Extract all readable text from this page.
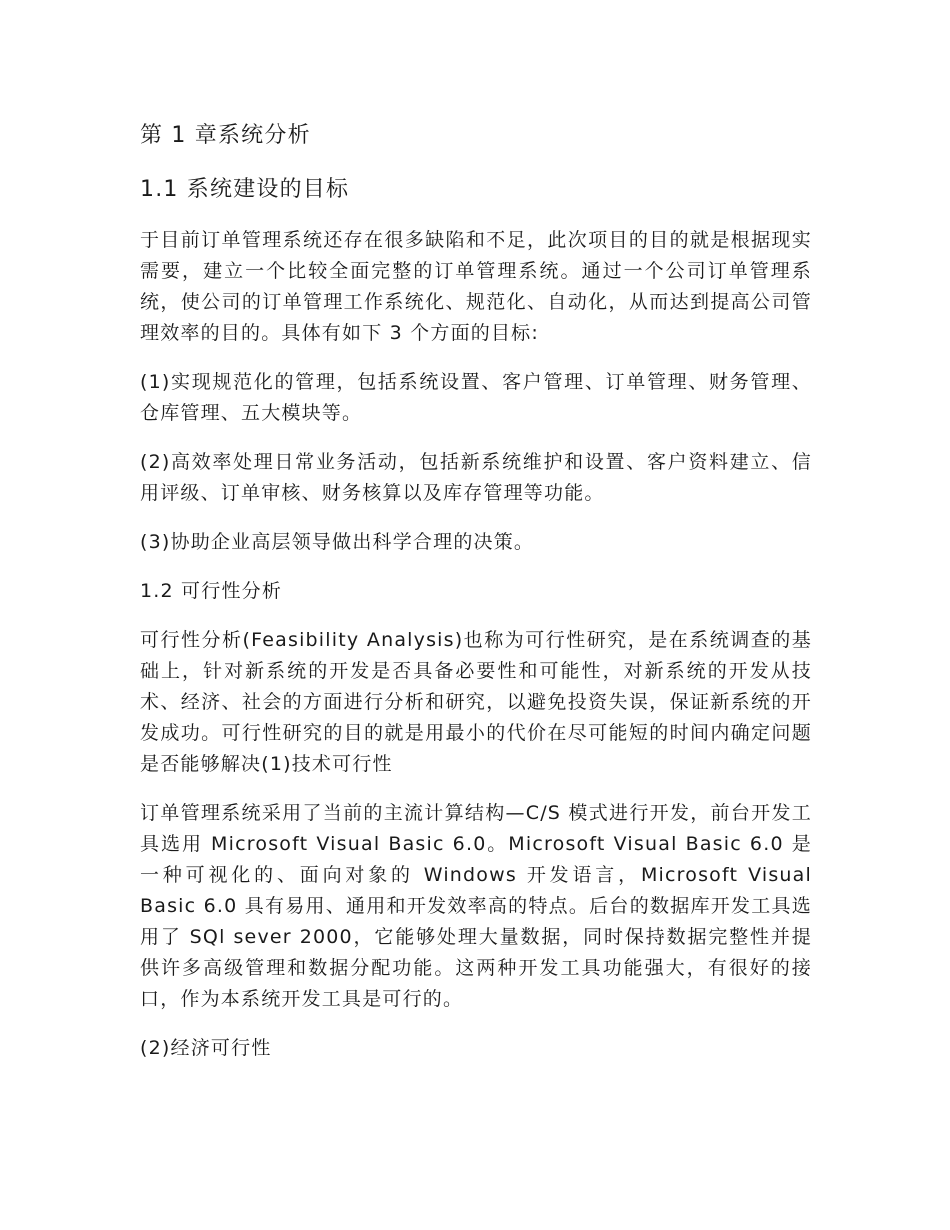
第 1 章系统分析
1.1 系统建设的目标

于目前订单管理系统还存在很多缺陷和不足，此次项目的目的就是根据现实需要，建立一个比较全面完整的订单管理系统。通过一个公司订单管理系统，使公司的订单管理工作系统化、规范化、自动化，从而达到提高公司管理效率的目的。具体有如下 3 个方面的目标:

(1)实现规范化的管理，包括系统设置、客户管理、订单管理、财务管理、仓库管理、五大模块等。

(2)高效率处理日常业务活动，包括新系统维护和设置、客户资料建立、信用评级、订单审核、财务核算以及库存管理等功能。

(3)协助企业高层领导做出科学合理的决策。

1.2 可行性分析

可行性分析(Feasibility Analysis)也称为可行性研究，是在系统调查的基础上，针对新系统的开发是否具备必要性和可能性，对新系统的开发从技术、经济、社会的方面进行分析和研究，以避免投资失误，保证新系统的开发成功。可行性研究的目的就是用最小的代价在尽可能短的时间内确定问题是否能够解决(1)技术可行性

订单管理系统采用了当前的主流计算结构—C/S 模式进行开发，前台开发工具选用 Microsoft Visual Basic 6.0。Microsoft Visual Basic 6.0 是一种可视化的、面向对象的 Windows 开发语言，Microsoft Visual Basic 6.0 具有易用、通用和开发效率高的特点。后台的数据库开发工具选用了 SQl sever 2000，它能够处理大量数据，同时保持数据完整性并提供许多高级管理和数据分配功能。这两种开发工具功能强大，有很好的接口，作为本系统开发工具是可行的。

(2)经济可行性
